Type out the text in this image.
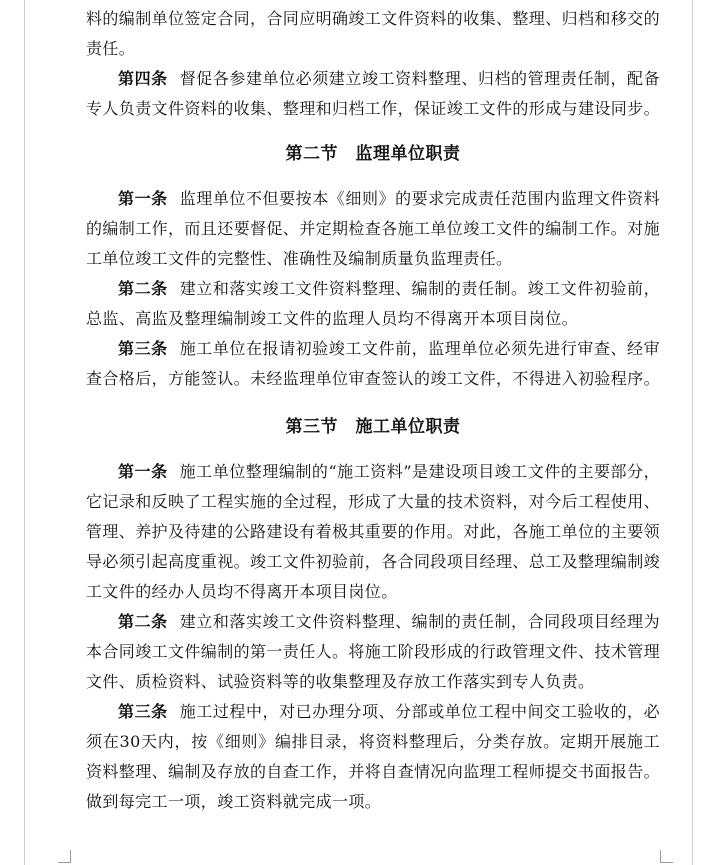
料的编制单位签定合同，合同应明确竣工文件资料的收集、整理、归档和移交的责任。

第四条 督促各参建单位必须建立竣工资料整理、归档的管理责任制，配备专人负责文件资料的收集、整理和归档工作，保证竣工文件的形成与建设同步。

第二节　监理单位职责

第一条 监理单位不但要按本《细则》的要求完成责任范围内监理文件资料的编制工作，而且还要督促、并定期检查各施工单位竣工文件的编制工作。对施工单位竣工文件的完整性、准确性及编制质量负监理责任。

第二条 建立和落实竣工文件资料整理、编制的责任制。竣工文件初验前，总监、高监及整理编制竣工文件的监理人员均不得离开本项目岗位。

第三条 施工单位在报请初验竣工文件前，监理单位必须先进行审查、经审查合格后，方能签认。未经监理单位审查签认的竣工文件，不得进入初验程序。

第三节　施工单位职责

第一条 施工单位整理编制的“施工资料”是建设项目竣工文件的主要部分，它记录和反映了工程实施的全过程，形成了大量的技术资料，对今后工程使用、管理、养护及待建的公路建设有着极其重要的作用。对此，各施工单位的主要领导必须引起高度重视。竣工文件初验前，各合同段项目经理、总工及整理编制竣工文件的经办人员均不得离开本项目岗位。

第二条 建立和落实竣工文件资料整理、编制的责任制，合同段项目经理为本合同竣工文件编制的第一责任人。将施工阶段形成的行政管理文件、技术管理文件、质检资料、试验资料等的收集整理及存放工作落实到专人负责。

第三条 施工过程中，对已办理分项、分部或单位工程中间交工验收的，必须在30天内，按《细则》编排目录，将资料整理后，分类存放。定期开展施工资料整理、编制及存放的自查工作，并将自查情况向监理工程师提交书面报告。做到每完工一项，竣工资料就完成一项。
